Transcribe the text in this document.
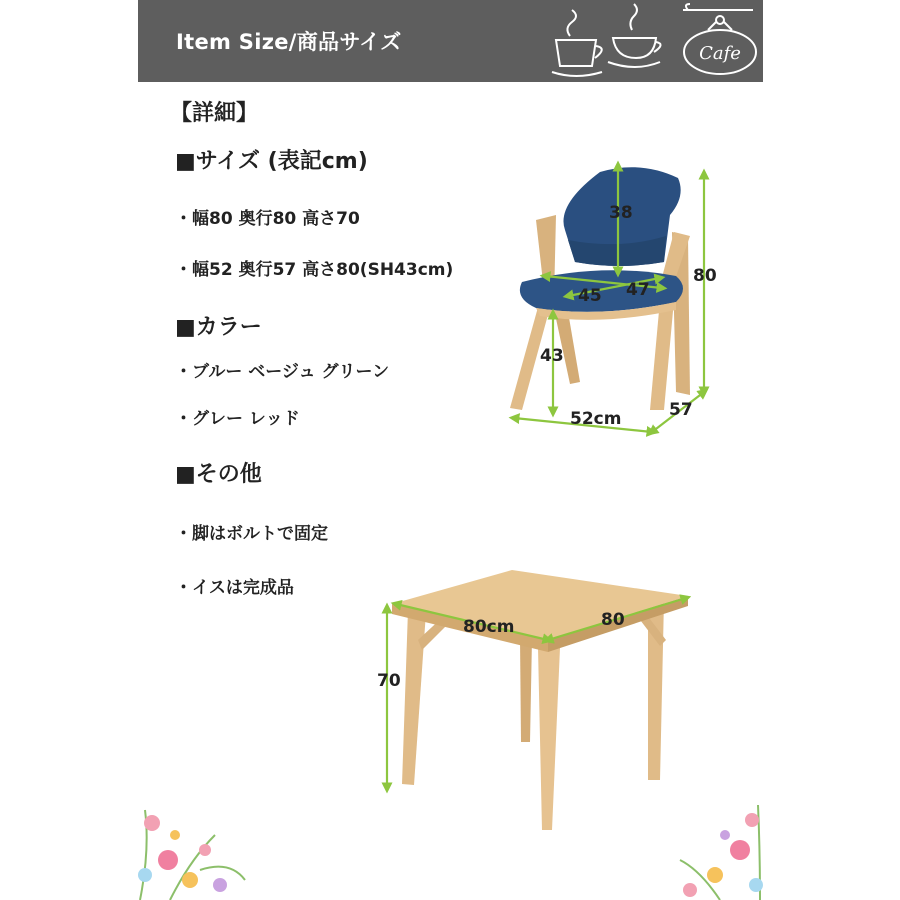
Item Size/商品サイズ	Cafe
【詳細】
■サイズ (表記cm)
・幅80 奥行80 高さ70
・幅52 奥行57 高さ80(SH43cm)
■カラー
・ブルー ベージュ グリーン
・グレー レッド
■その他
・脚はボルトで固定
・イスは完成品
38
80
45 47
43
52cm	57
80cm	80
70
